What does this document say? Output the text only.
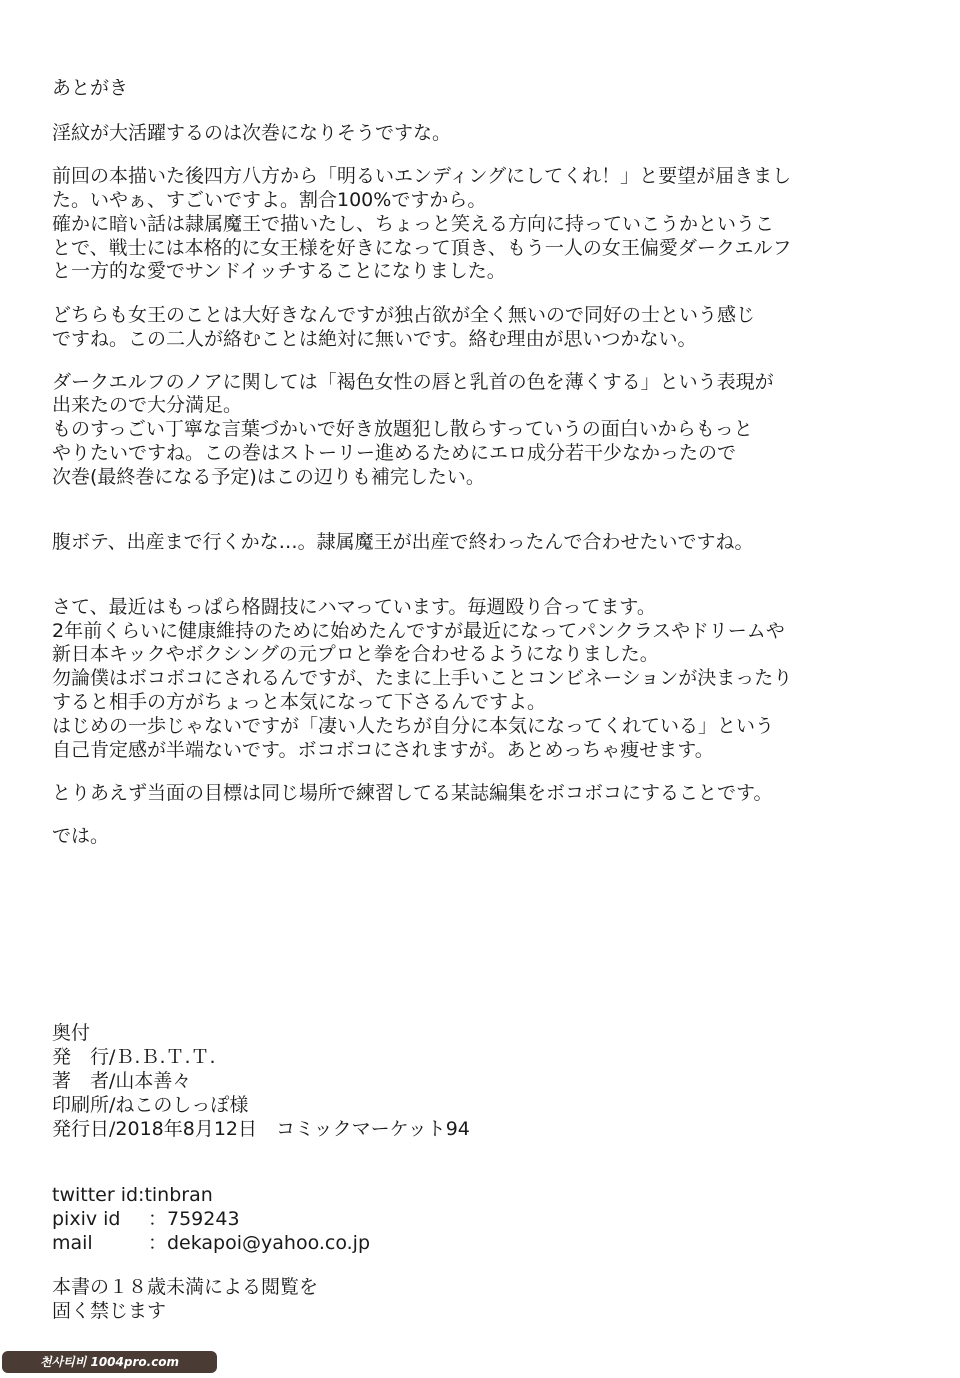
あとがき
淫紋が大活躍するのは次巻になりそうですな。
前回の本描いた後四方八方から「明るいエンディングにしてくれ！」と要望が届きまし
た。いやぁ、すごいですよ。割合100%ですから。
確かに暗い話は隷属魔王で描いたし、ちょっと笑える方向に持っていこうかというこ
とで、戦士には本格的に女王様を好きになって頂き、もう一人の女王偏愛ダークエルフ
と一方的な愛でサンドイッチすることになりました。
どちらも女王のことは大好きなんですが独占欲が全く無いので同好の士という感じ
ですね。この二人が絡むことは絶対に無いです。絡む理由が思いつかない。
ダークエルフのノアに関しては「褐色女性の唇と乳首の色を薄くする」という表現が
出来たので大分満足。
ものすっごい丁寧な言葉づかいで好き放題犯し散らすっていうの面白いからもっと
やりたいですね。この巻はストーリー進めるためにエロ成分若干少なかったので
次巻(最終巻になる予定)はこの辺りも補完したい。
腹ボテ、出産まで行くかな…。隷属魔王が出産で終わったんで合わせたいですね。
さて、最近はもっぱら格闘技にハマっています。毎週殴り合ってます。
2年前くらいに健康維持のために始めたんですが最近になってパンクラスやドリームや
新日本キックやボクシングの元プロと拳を合わせるようになりました。
勿論僕はボコボコにされるんですが、たまに上手いことコンビネーションが決まったり
すると相手の方がちょっと本気になって下さるんですよ。
はじめの一歩じゃないですが「凄い人たちが自分に本気になってくれている」という
自己肯定感が半端ないです。ボコボコにされますが。あとめっちゃ痩せます。
とりあえず当面の目標は同じ場所で練習してる某誌編集をボコボコにすることです。
では。
奥付
発　行/Ｂ.Ｂ.Ｔ.Ｔ.
著　者/山本善々
印刷所/ねこのしっぽ様
発行日/2018年8月12日　コミックマーケット94
twitter id:tinbran
pixiv id ：759243
mail	：dekapoi@yahoo.co.jp
本書の１８歳未満による閲覧を
固く禁じます
천사티비 1004pro.com
